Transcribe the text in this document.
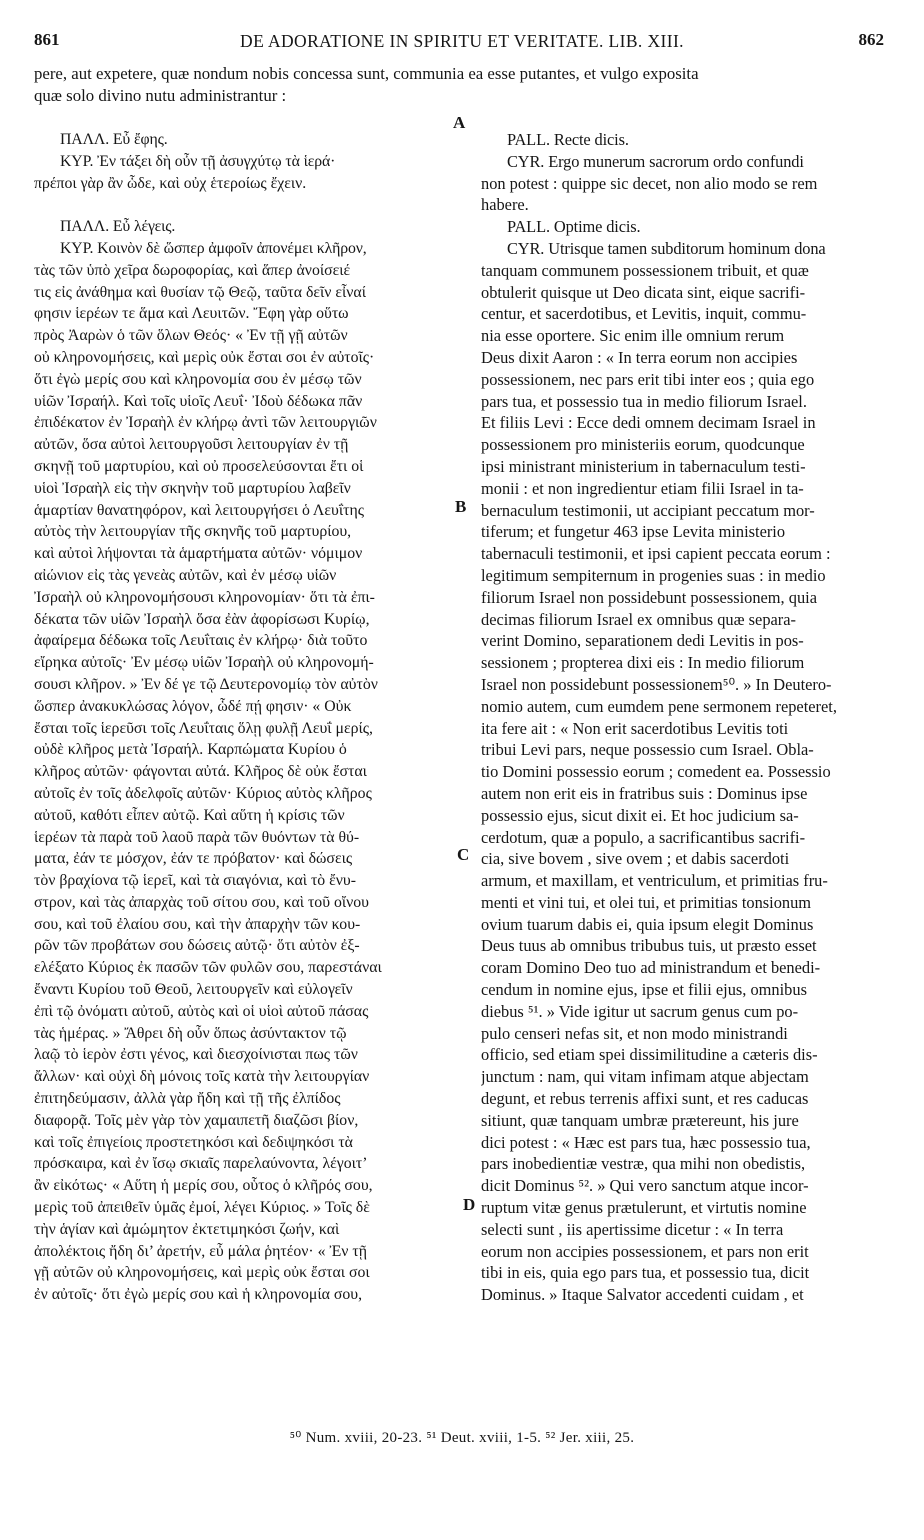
861	DE ADORATIONE IN SPIRITU ET VERITATE. LIB. XIII.	862
pere, aut expetere, quæ nondum nobis concessa sunt, communia ea esse putantes, et vulgo exposita
quæ solo divino nutu administrantur :
A
B
C
D
ΠΑΛΛ. Εὖ ἔφης.
ΚΥΡ. Ἐν τάξει δὴ οὖν τῇ ἀσυγχύτῳ τὰ ἱερά·
πρέποι γὰρ ἂν ὧδε, καὶ οὐχ ἑτεροίως ἔχειν.
ΠΑΛΛ. Εὖ λέγεις.
ΚΥΡ. Κοινὸν δὲ ὥσπερ ἀμφοῖν ἀπονέμει κλῆρον,
τὰς τῶν ὑπὸ χεῖρα δωροφορίας, καὶ ἅπερ ἀνοίσειέ
τις εἰς ἀνάθημα καὶ θυσίαν τῷ Θεῷ, ταῦτα δεῖν εἶναί
φησιν ἱερέων τε ἅμα καὶ Λευιτῶν. Ἔφη γὰρ οὕτω
πρὸς Ἀαρὼν ὁ τῶν ὅλων Θεός· « Ἐν τῇ γῇ αὐτῶν
οὐ κληρονομήσεις, καὶ μερὶς οὐκ ἔσται σοι ἐν αὐτοῖς·
ὅτι ἐγὼ μερίς σου καὶ κληρονομία σου ἐν μέσῳ τῶν
υἱῶν Ἰσραήλ. Καὶ τοῖς υἱοῖς Λευΐ· Ἰδοὺ δέδωκα πᾶν
ἐπιδέκατον ἐν Ἰσραὴλ ἐν κλήρῳ ἀντὶ τῶν λειτουργιῶν
αὐτῶν, ὅσα αὐτοὶ λειτουργοῦσι λειτουργίαν ἐν τῇ
σκηνῇ τοῦ μαρτυρίου, καὶ οὐ προσελεύσονται ἔτι οἱ
υἱοὶ Ἰσραὴλ εἰς τὴν σκηνὴν τοῦ μαρτυρίου λαβεῖν
ἁμαρτίαν θανατηφόρον, καὶ λειτουργήσει ὁ Λευΐτης
αὐτὸς τὴν λειτουργίαν τῆς σκηνῆς τοῦ μαρτυρίου,
καὶ αὐτοὶ λήψονται τὰ ἁμαρτήματα αὐτῶν· νόμιμον
αἰώνιον εἰς τὰς γενεὰς αὐτῶν, καὶ ἐν μέσῳ υἱῶν
Ἰσραὴλ οὐ κληρονομήσουσι κληρονομίαν· ὅτι τὰ ἐπι-
δέκατα τῶν υἱῶν Ἰσραὴλ ὅσα ἐὰν ἀφορίσωσι Κυρίῳ,
ἀφαίρεμα δέδωκα τοῖς Λευΐταις ἐν κλήρῳ· διὰ τοῦτο
εἴρηκα αὐτοῖς· Ἐν μέσῳ υἱῶν Ἰσραὴλ οὐ κληρονομή-
σουσι κλῆρον. » Ἐν δέ γε τῷ Δευτερονομίῳ τὸν αὐτὸν
ὥσπερ ἀνακυκλώσας λόγον, ὧδέ πῄ φησιν· « Οὐκ
ἔσται τοῖς ἱερεῦσι τοῖς Λευΐταις ὅλῃ φυλῇ Λευΐ μερίς,
οὐδὲ κλῆρος μετὰ Ἰσραήλ. Καρπώματα Κυρίου ὁ
κλῆρος αὐτῶν· φάγονται αὐτά. Κλῆρος δὲ οὐκ ἔσται
αὐτοῖς ἐν τοῖς ἀδελφοῖς αὐτῶν· Κύριος αὐτὸς κλῆρος
αὐτοῦ, καθότι εἶπεν αὐτῷ. Καὶ αὕτη ἡ κρίσις τῶν
ἱερέων τὰ παρὰ τοῦ λαοῦ παρὰ τῶν θυόντων τὰ θύ-
ματα, ἐάν τε μόσχον, ἐάν τε πρόβατον· καὶ δώσεις
τὸν βραχίονα τῷ ἱερεῖ, καὶ τὰ σιαγόνια, καὶ τὸ ἔνυ-
στρον, καὶ τὰς ἀπαρχὰς τοῦ σίτου σου, καὶ τοῦ οἴνου
σου, καὶ τοῦ ἐλαίου σου, καὶ τὴν ἀπαρχὴν τῶν κου-
ρῶν τῶν προβάτων σου δώσεις αὐτῷ· ὅτι αὐτὸν ἐξ-
ελέξατο Κύριος ἐκ πασῶν τῶν φυλῶν σου, παρεστάναι
ἔναντι Κυρίου τοῦ Θεοῦ, λειτουργεῖν καὶ εὐλογεῖν
ἐπὶ τῷ ὀνόματι αὐτοῦ, αὐτὸς καὶ οἱ υἱοὶ αὐτοῦ πάσας
τὰς ἡμέρας. » Ἄθρει δὴ οὖν ὅπως ἀσύντακτον τῷ
λαῷ τὸ ἱερὸν ἐστι γένος, καὶ διεσχοίνισται πως τῶν
ἄλλων· καὶ οὐχὶ δὴ μόνοις τοῖς κατὰ τὴν λειτουργίαν
ἐπιτηδεύμασιν, ἀλλὰ γὰρ ἤδη καὶ τῇ τῆς ἐλπίδος
διαφορᾷ. Τοῖς μὲν γὰρ τὸν χαμαιπετῆ διαζῶσι βίον,
καὶ τοῖς ἐπιγείοις προστετηκόσι καὶ δεδιψηκόσι τὰ
πρόσκαιρα, καὶ ἐν ἴσῳ σκιαῖς παρελαύνοντα, λέγοιτ’
ἂν εἰκότως· « Αὕτη ἡ μερίς σου, οὗτος ὁ κλῆρός σου,
μερὶς τοῦ ἀπειθεῖν ὑμᾶς ἐμοί, λέγει Κύριος. » Τοῖς δὲ
τὴν ἁγίαν καὶ ἀμώμητον ἐκτετιμηκόσι ζωήν, καὶ
ἀπολέκτοις ἤδη δι’ ἀρετήν, εὖ μάλα ῥητέον· « Ἐν τῇ
γῇ αὐτῶν οὐ κληρονομήσεις, καὶ μερὶς οὐκ ἔσται σοι
ἐν αὐτοῖς· ὅτι ἐγὼ μερίς σου καὶ ἡ κληρονομία σου,
PALL. Recte dicis.
CYR. Ergo munerum sacrorum ordo confundi
non potest : quippe sic decet, non alio modo se rem
habere.
PALL. Optime dicis.
CYR. Utrisque tamen subditorum hominum dona
tanquam communem possessionem tribuit, et quæ
obtulerit quisque ut Deo dicata sint, eique sacrifi-
centur, et sacerdotibus, et Levitis, inquit, commu-
nia esse oportere. Sic enim ille omnium rerum
Deus dixit Aaron : « In terra eorum non accipies
possessionem, nec pars erit tibi inter eos ; quia ego
pars tua, et possessio tua in medio filiorum Israel.
Et filiis Levi : Ecce dedi omnem decimam Israel in
possessionem pro ministeriis eorum, quodcunque
ipsi ministrant ministerium in tabernaculum testi-
monii : et non ingredientur etiam filii Israel in ta-
bernaculum testimonii, ut accipiant peccatum mor-
tiferum; et fungetur 463 ipse Levita ministerio
tabernaculi testimonii, et ipsi capient peccata eorum :
legitimum sempiternum in progenies suas : in medio
filiorum Israel non possidebunt possessionem, quia
decimas filiorum Israel ex omnibus quæ separa-
verint Domino, separationem dedi Levitis in pos-
sessionem ; propterea dixi eis : In medio filiorum
Israel non possidebunt possessionem⁵⁰. » In Deutero-
nomio autem, cum eumdem pene sermonem repeteret,
ita fere ait : « Non erit sacerdotibus Levitis toti
tribui Levi pars, neque possessio cum Israel. Obla-
tio Domini possessio eorum ; comedent ea. Possessio
autem non erit eis in fratribus suis : Dominus ipse
possessio ejus, sicut dixit ei. Et hoc judicium sa-
cerdotum, quæ a populo, a sacrificantibus sacrifi-
cia, sive bovem , sive ovem ; et dabis sacerdoti
armum, et maxillam, et ventriculum, et primitias fru-
menti et vini tui, et olei tui, et primitias tonsionum
ovium tuarum dabis ei, quia ipsum elegit Dominus
Deus tuus ab omnibus tribubus tuis, ut præsto esset
coram Domino Deo tuo ad ministrandum et benedi-
cendum in nomine ejus, ipse et filii ejus, omnibus
diebus ⁵¹. » Vide igitur ut sacrum genus cum po-
pulo censeri nefas sit, et non modo ministrandi
officio, sed etiam spei dissimilitudine a cæteris dis-
junctum : nam, qui vitam infimam atque abjectam
degunt, et rebus terrenis affixi sunt, et res caducas
sitiunt, quæ tanquam umbræ prætereunt, his jure
dici potest : « Hæc est pars tua, hæc possessio tua,
pars inobedientiæ vestræ, qua mihi non obedistis,
dicit Dominus ⁵². » Qui vero sanctum atque incor-
ruptum vitæ genus prætulerunt, et virtutis nomine
selecti sunt , iis apertissime dicetur : « In terra
eorum non accipies possessionem, et pars non erit
tibi in eis, quia ego pars tua, et possessio tua, dicit
Dominus. » Itaque Salvator accedenti cuidam , et
⁵⁰ Num. xviii, 20-23. ⁵¹ Deut. xviii, 1-5. ⁵² Jer. xiii, 25.
